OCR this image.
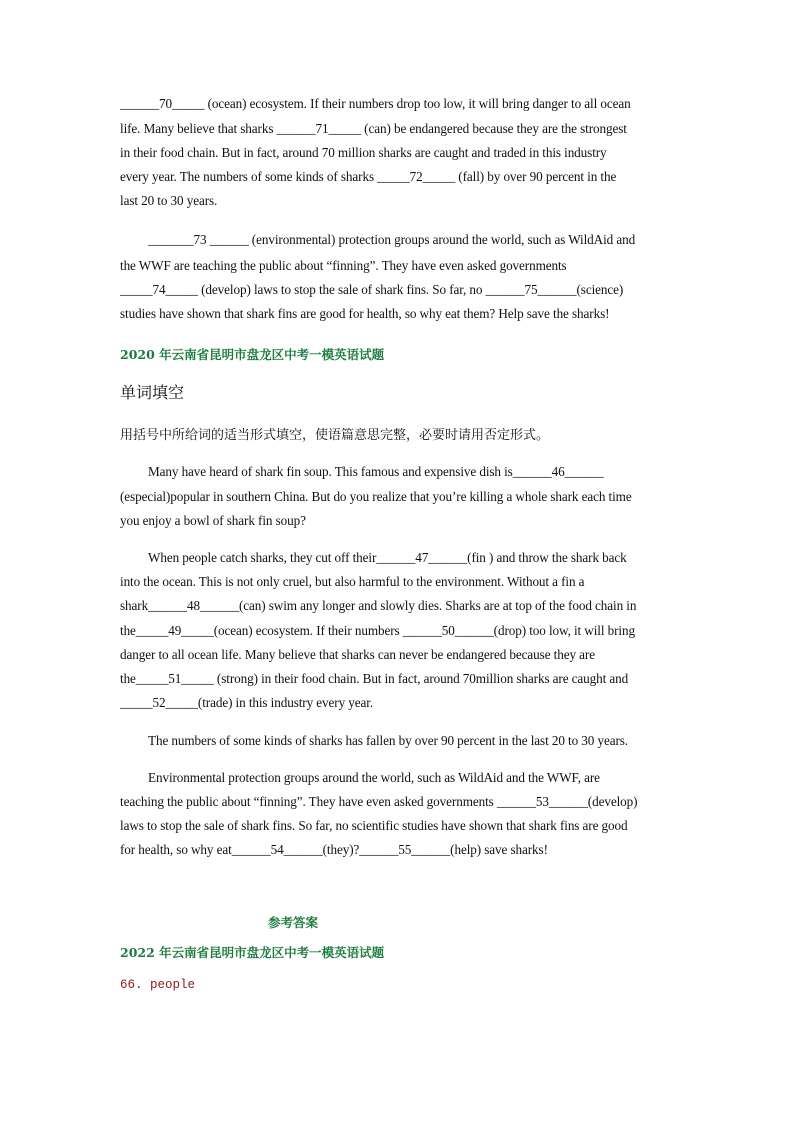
______70_____ (ocean) ecosystem. If their numbers drop too low, it will bring danger to all ocean
life. Many believe that sharks ______71_____ (can) be endangered because they are the strongest
in their food chain. But in fact, around 70 million sharks are caught and traded in this industry
every year. The numbers of some kinds of sharks _____72_____ (fall) by over 90 percent in the
last 20 to 30 years.
_______73 ______ (environmental) protection groups around the world, such as WildAid and
the WWF are teaching the public about “finning”. They have even asked governments
_____74_____ (develop) laws to stop the sale of shark fins. So far, no ______75______(science)
studies have shown that shark fins are good for health, so why eat them? Help save the sharks!
2020 年云南省昆明市盘龙区中考一模英语试题
单词填空
用括号中所给词的适当形式填空，使语篇意思完整，必要时请用否定形式。
Many have heard of shark fin soup. This famous and expensive dish is______46______
(especial)popular in southern China. But do you realize that you’re killing a whole shark each time
you enjoy a bowl of shark fin soup?
When people catch sharks, they cut off their______47______(fin ) and throw the shark back
into the ocean. This is not only cruel, but also harmful to the environment. Without a fin a
shark______48______(can) swim any longer and slowly dies. Sharks are at top of the food chain in
the_____49_____(ocean) ecosystem. If their numbers ______50______(drop) too low, it will bring
danger to all ocean life. Many believe that sharks can never be endangered because they are
the_____51_____ (strong) in their food chain. But in fact, around 70million sharks are caught and
_____52_____(trade) in this industry every year.
The numbers of some kinds of sharks has fallen by over 90 percent in the last 20 to 30 years.
Environmental protection groups around the world, such as WildAid and the WWF, are
teaching the public about “finning”. They have even asked governments ______53______(develop)
laws to stop the sale of shark fins. So far, no scientific studies have shown that shark fins are good
for health, so why eat______54______(they)?______55______(help) save sharks!
参考答案
2022 年云南省昆明市盘龙区中考一模英语试题
66. people
